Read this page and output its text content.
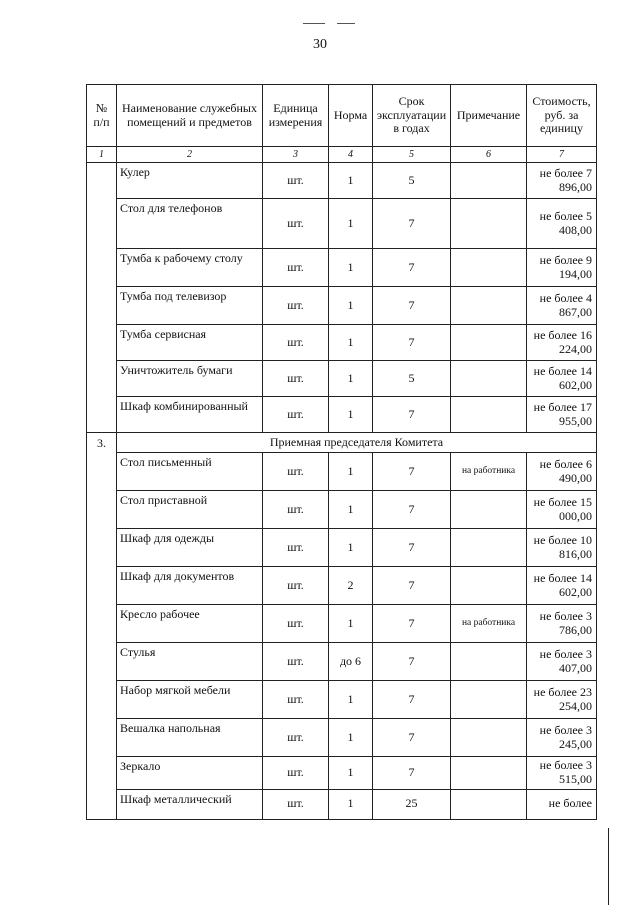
30
№
п/п	Наименование служебных помещений и предметов	Единица измерения	Норма	Срок эксплуатации в годах	Примечание	Стоимость, руб. за единицу
1	2	3	4	5	6	7
	Кулер	шт.	1	5		не более 7 896,00
	Стол для телефонов	шт.	1	7		не более 5 408,00
	Тумба к рабочему столу	шт.	1	7		не более 9 194,00
	Тумба под телевизор	шт.	1	7		не более 4 867,00
	Тумба сервисная	шт.	1	7		не более 16 224,00
	Уничтожитель бумаги	шт.	1	5		не более 14 602,00
	Шкаф комбинированный	шт.	1	7		не более 17 955,00
3.	Приемная председателя Комитета					
	Стол письменный	шт.	1	7	на работника	не более 6 490,00
	Стол приставной	шт.	1	7		не более 15 000,00
	Шкаф для одежды	шт.	1	7		не более 10 816,00
	Шкаф для документов	шт.	2	7		не более 14 602,00
	Кресло рабочее	шт.	1	7	на работника	не более 3 786,00
	Стулья	шт.	до 6	7		не более 3 407,00
	Набор мягкой мебели	шт.	1	7		не более 23 254,00
	Вешалка напольная	шт.	1	7		не более 3 245,00
	Зеркало	шт.	1	7		не более 3 515,00
	Шкаф металлический	шт.	1	25		не более
